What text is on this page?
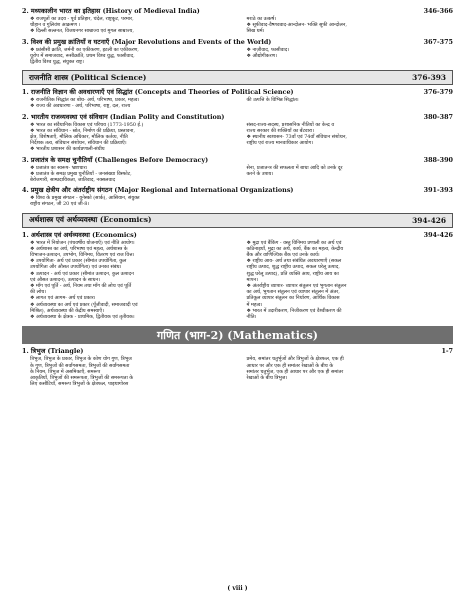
2. मध्यकालीन भारत का इतिहास (History of Medieval India)	346-366
❖ राजपूतों का उदय - पूर्व प्रतिहार, चंदेल, राष्ट्रकूट, परमार,
चौहान व गुलिवंश आक्रमण ।
❖ दिल्ली सल्तनत, विजयनगर साम्राज्य एवं मुगल साम्राज्य,
मराठे का उत्कर्ष।
❖ सूफीवाद-वैष्णववाद-आन्दोलन- भक्ति सूफी आन्दोलन,
सिख धर्म।
3. विश्व की प्रमुख क्रांतियाँ व घटनाएँ (Major Revolutions and Events of the World)	367-375
❖ फ्रांसीसी क्रांति, जर्मनी का एकीकरण, इटली का एकीकरण,
यूरोप में समाजवाद, रूसीक्रांति, प्रथम विश्व युद्ध, फासीवाद,
द्वितीय विश्व युद्ध, संयुक्त राष्ट्र।
❖ नाज़ीवाद, फासीवाद।
❖ औद्योगीकरण।
राजनीति शास्त्र (Political Science)	376-393
1. राजनीति विज्ञान की अवधारणाएँ एवं सिद्धांत (Concepts and Theories of Political Science)	376-379
❖ राजनीतिक सिद्धांत का बोध- अर्थ, परिभाषा, प्रकार, महत्व।
❖ राज्य की अवधारणा - अर्थ, परिभाषा, राष्ट्र, दल, राज्य
की उत्पत्ति के विभिन्न सिद्धांत।
2. भारतीय राजव्यवस्था एवं संविधान (Indian Polity and Constitution)	380-387
❖ भारत का संवैधानिक विकास एवं परिचय (1773-1950 ई.)
❖ भारत का संविधान - स्रोत, निर्माण की प्रक्रिया, प्रस्तावना,
क्षेत्र, विशेषताएँ, मौलिक अधिकार, मौलिक कर्तव्य, नीति
निर्देशक तत्व, संविधान संशोधन, संविधान की प्रक्रियाएँ।
❖ भारतीय प्रशासन की कार्यप्रणाली-संघीय
संसद-राज्य-सदस्य, प्रशासनिक नीतियों का केन्द्र व
राज्य सरकार की शक्तियाँ का बँटवारा।
❖ स्थानीय स्वशासन- 73वाँ एवं 74वाँ संविधान संशोधन,
राष्ट्रीय एवं राज्य मानवाधिकार आयोग।
3. प्रजातंत्र के समक्ष चुनौतियाँ (Challenges Before Democracy)	388-390
❖ प्रजातंत्र का स्वरूप- भ्रष्टाचार।
❖ प्रजातंत्र के समक्ष प्रमुख चुनौतियाँ - जनसंख्या विस्फोट,
बेरोजगारी, साम्प्रदायिकता, जातिवाद, नक्सलवाद
सेना, प्रजातन्त्र की सफलता में बाधा आदि को उनके दूर
करने के उपाय।
4. प्रमुख क्षेत्रीय और अंतर्राष्ट्रीय संगठन (Major Regional and International Organizations)	391-393
❖ विश्व के प्रमुख संगठन - यूनेस्को (सार्क), आसियान, संयुक्त
राष्ट्रीय संगठन, जी 20 एवं जी-8।
अर्थशास्त्र एवं अर्थव्यवस्था (Economics)	394-426
1. अर्थशास्त्र एवं अर्थव्यवस्था (Economics)	394-426
❖ भारत में नियोजन (पंचवर्षीय योजनाएँ) एवं नीति आयोग।
❖ अर्थशास्त्र का अर्थ, परिभाषा एवं महत्व, अर्थशास्त्र के
विभाजन-उत्पादन, उपभोग, विनिमय, वितरण एवं राज वित्त।
❖ उपयोगिता- अर्थ एवं प्रकार (सीमांत उपयोगिता, कुल
उपयोगिता और औसत उपयोगिता) एवं उनका संबंध।
❖ उत्पादन - अर्थ एवं प्रकार (सीमांत उत्पादन, कुल उत्पादन
एवं औसत उत्पादन), उत्पादन के साधन।
❖ माँग एवं पूर्ति - अर्थ, नियम तथा माँग की लोच एवं पूर्ति
की लोच।
❖ लागत एवं आगम- अर्थ एवं प्रकार।
❖ अर्थव्यवस्था का अर्थ एवं प्रकार (पूँजीवादी, समाजवादी एवं
मिश्रित), अर्थव्यवस्था की केंद्रीय समस्याएँ।
❖ अर्थव्यवस्था के क्षेत्रक - प्राथमिक, द्वितीयक एवं तृतीयक।
❖ मुद्रा एवं बैंकिंग - वस्तु विनिमय प्रणाली का अर्थ एवं
कठिनाइयाँ, मुद्रा का अर्थ, कार्य, बैंक का महत्व, केन्द्रीय
बैंक और वाणिज्यिक बैंक एवं उनके कार्य।
❖ राष्ट्रीय आय- अर्थ तथा संबंधित अवधारणाएँ (सकल
राष्ट्रीय उत्पाद, शुद्ध राष्ट्रीय उत्पाद, सकल घरेलू उत्पाद,
शुद्ध घरेलू उत्पाद), प्रति व्यक्ति आय, राष्ट्रीय आय का
मापन।
❖ अंतर्राष्ट्रीय व्यापार- व्यापार संतुलन एवं भुगतान संतुलन
का अर्थ, भुगतान संतुलन एवं व्यापार संतुलन में अंतर,
प्रतिकूल व्यापार संतुलन का निर्धारण, आर्थिक विकास
में महत्व।
❖ भारत में उदारीकरण, निजीकरण एवं वैश्वीकरण की
नीति।
गणित (भाग-2) (Mathematics)
1. त्रिभुज (Triangle)	1-7
त्रिभुज, त्रिभुज के प्रकार, त्रिभुज के कोण योग गुण, त्रिभुज
के गुण, त्रिभुजों की सर्वांगसमता, त्रिभुजों की सर्वांगसमता
के नियम, त्रिभुज में असमिकाएँ, समरूप
आकृतियाँ, त्रिभुजों की समरूपता, त्रिभुजों की समरूपता के
लिए कसौटियाँ, समरूप त्रिभुजों के क्षेत्रफल, पाइथागोरस
प्रमेय, समांतर चतुर्भुजों और त्रिभुजों के क्षेत्रफल, एक ही
आधार पर और एक ही समांतर रेखाओं के बीच के
समांतर चतुर्भुज, एक ही आधार पर और एक ही समांतर
रेखाओं के बीच त्रिभुज।
( viii )
